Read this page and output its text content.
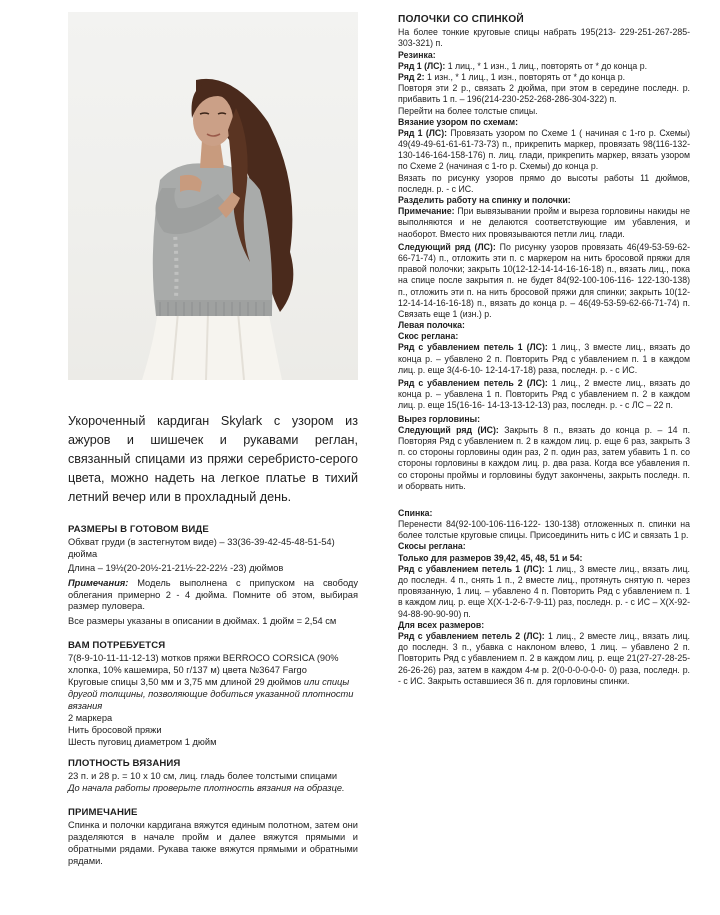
Укороченный кардиган Skylark с узором из ажуров и шишечек и рукавами реглан, связанный спицами из пряжи серебристо-серого цвета, можно надеть на легкое платье в тихий летний вечер или в прохладный день.

РАЗМЕРЫ В ГОТОВОМ ВИДЕ

Обхват груди (в застегнутом виде) – 33(36-39-42-45-48-51-54) дюйма

Длина – 19½(20-20½-21-21½-22-22½ -23) дюймов

Примечания: Модель выполнена с припуском на свободу облегания примерно 2 - 4 дюйма. Помните об этом, выбирая размер пуловера.

Все размеры указаны в описании в дюймах. 1 дюйм = 2,54 см

ВАМ ПОТРЕБУЕТСЯ

7(8-9-10-11-11-12-13) мотков пряжи BERROCO CORSICA (90% хлопка, 10% кашемира, 50 г/137 м) цвета №3647 Fargo

Круговые спицы 3,50 мм и 3,75 мм длиной 29 дюймов или спицы другой толщины, позволяющие добиться указанной плотности вязания

2 маркера

Нить бросовой пряжи

Шесть пуговиц диаметром 1 дюйм

ПЛОТНОСТЬ ВЯЗАНИЯ

23 п. и 28 р. = 10 х 10 см, лиц. гладь более толстыми спицами

До начала работы проверьте плотность вязания на образце.

ПРИМЕЧАНИЕ

Спинка и полочки кардигана вяжутся единым полотном, затем они разделяются в начале пройм и далее вяжутся прямыми и обратными рядами. Рукава также вяжутся прямыми и обратными рядами.

ПОЛОЧКИ СО СПИНКОЙ

На более тонкие круговые спицы набрать 195(213- 229-251-267-285-303-321) п.

Резинка:

Ряд 1 (ЛС): 1 лиц., * 1 изн., 1 лиц., повторять от * до конца р.

Ряд 2: 1 изн., * 1 лиц., 1 изн., повторять от * до конца р.

Повторя эти 2 р., связать 2 дюйма, при этом в середине последн. р. прибавить 1 п. – 196(214-230-252-268-286-304-322) п.

Перейти на более толстые спицы.

Вязание узором по схемам:

Ряд 1 (ЛС): Провязать узором по Схеме 1 ( начиная с 1-го р. Схемы) 49(49-49-61-61-61-73-73) п., прикрепить маркер, провязать 98(116-132-130-146-164-158-176) п. лиц. глади, прикрепить маркер, вязать узором по Схеме 2 (начиная с 1-го р. Схемы) до конца р.

Вязать по рисунку узоров прямо до высоты работы 11 дюймов, последн. р. - с ИС.

Разделить работу на спинку и полочки:

Примечание: При вывязывании пройм и выреза горловины накиды не выполняются и не делаются соответствующие им убавления, и наоборот. Вместо них провязываются петли лиц. глади.

Следующий ряд (ЛС): По рисунку узоров провязать 46(49-53-59-62-66-71-74) п., отложить эти п. с маркером на нить бросовой пряжи для правой полочки; закрыть 10(12-12-14-14-16-16-18) п., вязать лиц., пока на спице после закрытия п. не будет 84(92-100-106-116- 122-130-138) п., отложить эти п. на нить бросовой пряжи для спинки; закрыть 10(12-12-14-14-16-16-18) п., вязать до конца р. – 46(49-53-59-62-66-71-74) п. Связать еще 1 (изн.) р.

Левая полочка:

Скос реглана:

Ряд с убавлением петель 1 (ЛС): 1 лиц., 3 вместе лиц., вязать до конца р. – убавлено 2 п. Повторить Ряд с убавлением п. 1 в каждом лиц. р. еще 3(4-6-10- 12-14-17-18) раза, последн. р. - с ИС.

Ряд с убавлением петель 2 (ЛС): 1 лиц., 2 вместе лиц., вязать до конца р. – убавлена 1 п. Повторить Ряд с убавлением п. 2 в каждом лиц. р. еще 15(16-16- 14-13-13-12-13) раз, последн. р. - с ЛС – 22 п.

Вырез горловины:

Следующий ряд (ИС): Закрыть 8 п., вязать до конца р. – 14 п. Повторяя Ряд с убавлением п. 2 в каждом лиц. р. еще 6 раз, закрыть 3 п. со стороны горловины один раз, 2 п. один раз, затем убавить 1 п. со стороны горловины в каждом лиц. р. два раза. Когда все убавления п. со стороны проймы и горловины будут закончены, закрыть последн. п. и оборвать нить.

Спинка:

Перенести 84(92-100-106-116-122- 130-138) отложенных п. спинки на более толстые круговые спицы. Присоединить нить с ИС и связать 1 р.

Скосы реглана:

Только для размеров 39,42, 45, 48, 51 и 54:

Ряд с убавлением петель 1 (ЛС): 1 лиц., 3 вместе лиц., вязать лиц. до последн. 4 п., снять 1 п., 2 вместе лиц., протянуть снятую п. через провязанную, 1 лиц. – убавлено 4 п. Повторить Ряд с убавлением п. 1 в каждом лиц. р. еще Х(Х-1-2-6-7-9-11) раз, последн. р. - с ИС – Х(Х-92- 94-88-90-90-90) п.

Для всех размеров:

Ряд с убавлением петель 2 (ЛС): 1 лиц., 2 вместе лиц., вязать лиц. до последн. 3 п., убавка с наклоном влево, 1 лиц. – убавлено 2 п. Повторить Ряд с убавлением п. 2 в каждом лиц. р. еще 21(27-27-28-25-26-26-26) раз, затем в каждом 4-м р. 2(0-0-0-0-0-0- 0) раза, последн. р. - с ИС. Закрыть оставшиеся 36 п. для горловины спинки.
